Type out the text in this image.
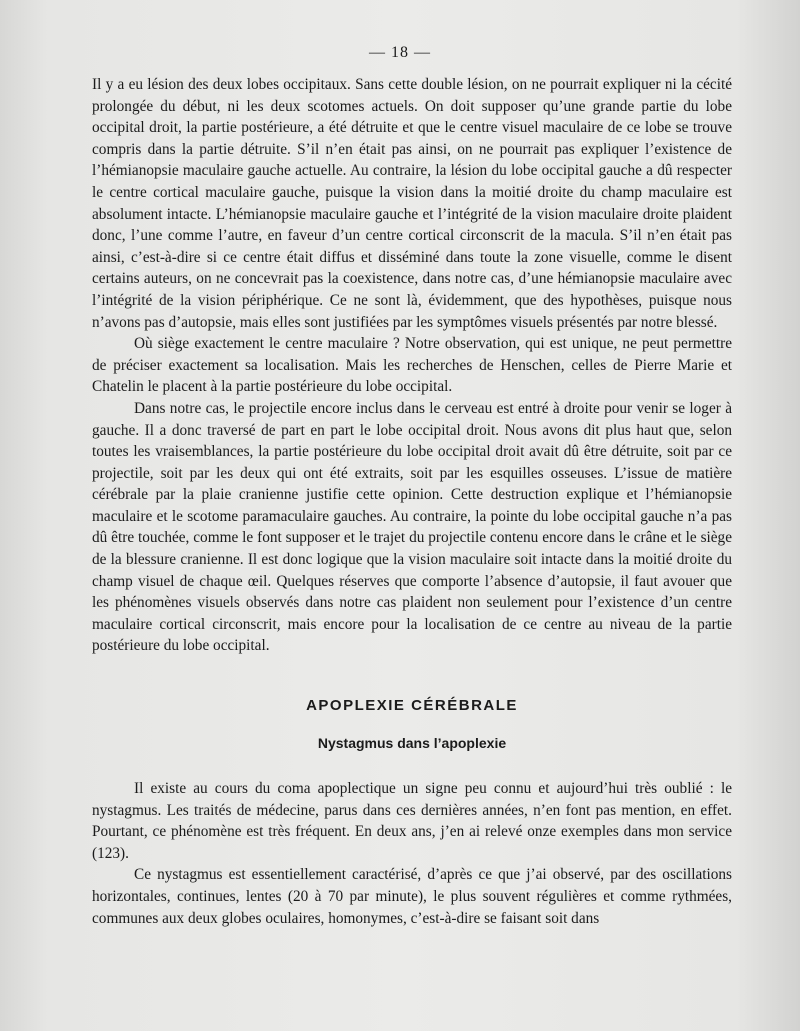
— 18 —

Il y a eu lésion des deux lobes occipitaux. Sans cette double lésion, on ne pourrait expliquer ni la cécité prolongée du début, ni les deux scotomes actuels. On doit supposer qu’une grande partie du lobe occipital droit, la partie postérieure, a été détruite et que le centre visuel maculaire de ce lobe se trouve compris dans la partie détruite. S’il n’en était pas ainsi, on ne pourrait pas expliquer l’existence de l’hémianopsie maculaire gauche actuelle. Au contraire, la lésion du lobe occipital gauche a dû respecter le centre cortical maculaire gauche, puisque la vision dans la moitié droite du champ maculaire est absolument intacte. L’hémianopsie maculaire gauche et l’intégrité de la vision maculaire droite plaident donc, l’une comme l’autre, en faveur d’un centre cortical circonscrit de la macula. S’il n’en était pas ainsi, c’est-à-dire si ce centre était diffus et disséminé dans toute la zone visuelle, comme le disent certains auteurs, on ne concevrait pas la coexistence, dans notre cas, d’une hémianopsie maculaire avec l’intégrité de la vision périphérique. Ce ne sont là, évidemment, que des hypothèses, puisque nous n’avons pas d’autopsie, mais elles sont justifiées par les symptômes visuels présentés par notre blessé.

Où siège exactement le centre maculaire ? Notre observation, qui est unique, ne peut permettre de préciser exactement sa localisation. Mais les recherches de Henschen, celles de Pierre Marie et Chatelin le placent à la partie postérieure du lobe occipital.

Dans notre cas, le projectile encore inclus dans le cerveau est entré à droite pour venir se loger à gauche. Il a donc traversé de part en part le lobe occipital droit. Nous avons dit plus haut que, selon toutes les vraisemblances, la partie postérieure du lobe occipital droit avait dû être détruite, soit par ce projectile, soit par les deux qui ont été extraits, soit par les esquilles osseuses. L’issue de matière cérébrale par la plaie cranienne justifie cette opinion. Cette destruction explique et l’hémianopsie maculaire et le scotome paramaculaire gauches. Au contraire, la pointe du lobe occipital gauche n’a pas dû être touchée, comme le font supposer et le trajet du projectile contenu encore dans le crâne et le siège de la blessure cranienne. Il est donc logique que la vision maculaire soit intacte dans la moitié droite du champ visuel de chaque œil. Quelques réserves que comporte l’absence d’autopsie, il faut avouer que les phénomènes visuels observés dans notre cas plaident non seulement pour l’existence d’un centre maculaire cortical circonscrit, mais encore pour la localisation de ce centre au niveau de la partie postérieure du lobe occipital.

APOPLEXIE CÉRÉBRALE
Nystagmus dans l’apoplexie

Il existe au cours du coma apoplectique un signe peu connu et aujourd’hui très oublié : le nystagmus. Les traités de médecine, parus dans ces dernières années, n’en font pas mention, en effet. Pourtant, ce phénomène est très fréquent. En deux ans, j’en ai relevé onze exemples dans mon service (123).

Ce nystagmus est essentiellement caractérisé, d’après ce que j’ai observé, par des oscillations horizontales, continues, lentes (20 à 70 par minute), le plus souvent régulières et comme rythmées, communes aux deux globes oculaires, homonymes, c’est-à-dire se faisant soit dans
